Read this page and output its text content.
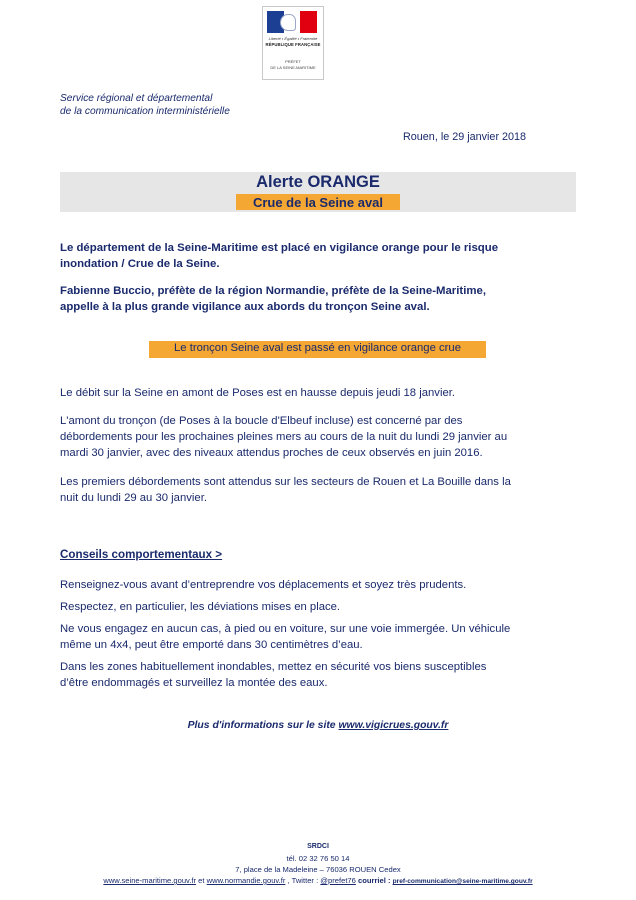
Liberté • Égalité • Fraternité
RÉPUBLIQUE FRANÇAISE
PRÉFET
DE LA SEINE-MARITIME
Service régional et départemental
de la communication interministérielle
Rouen, le 29 janvier 2018
Alerte ORANGE
Crue de la Seine aval
Le département de la Seine-Maritime est placé en vigilance orange pour le risque
inondation / Crue de la Seine.
Fabienne Buccio, préfète de la région Normandie, préfète de la Seine-Maritime,
appelle à la plus grande vigilance aux abords du tronçon Seine aval.
Le tronçon Seine aval est passé en vigilance orange crue
Le débit sur la Seine en amont de Poses est en hausse depuis jeudi 18 janvier.
L'amont du tronçon (de Poses à la boucle d'Elbeuf incluse) est concerné par des
débordements pour les prochaines pleines mers au cours de la nuit du lundi 29 janvier au
mardi 30 janvier, avec des niveaux attendus proches de ceux observés en juin 2016.
Les premiers débordements sont attendus sur les secteurs de Rouen et La Bouille dans la
nuit du lundi 29 au 30 janvier.
Conseils comportementaux >
Renseignez-vous avant d’entreprendre vos déplacements et soyez très prudents.
Respectez, en particulier, les déviations mises en place.
Ne vous engagez en aucun cas, à pied ou en voiture, sur une voie immergée. Un véhicule
même un 4x4, peut être emporté dans 30 centimètres d’eau.
Dans les zones habituellement inondables, mettez en sécurité vos biens susceptibles
d’être endommagés et surveillez la montée des eaux.
Plus d'informations sur le site www.vigicrues.gouv.fr
SRDCI
tél. 02 32 76 50 14
7, place de la Madeleine – 76036 ROUEN Cedex
www.seine-maritime.gouv.fr et www.normandie.gouv.fr , Twitter : @prefet76 courriel : pref-communication@seine-maritime.gouv.fr
